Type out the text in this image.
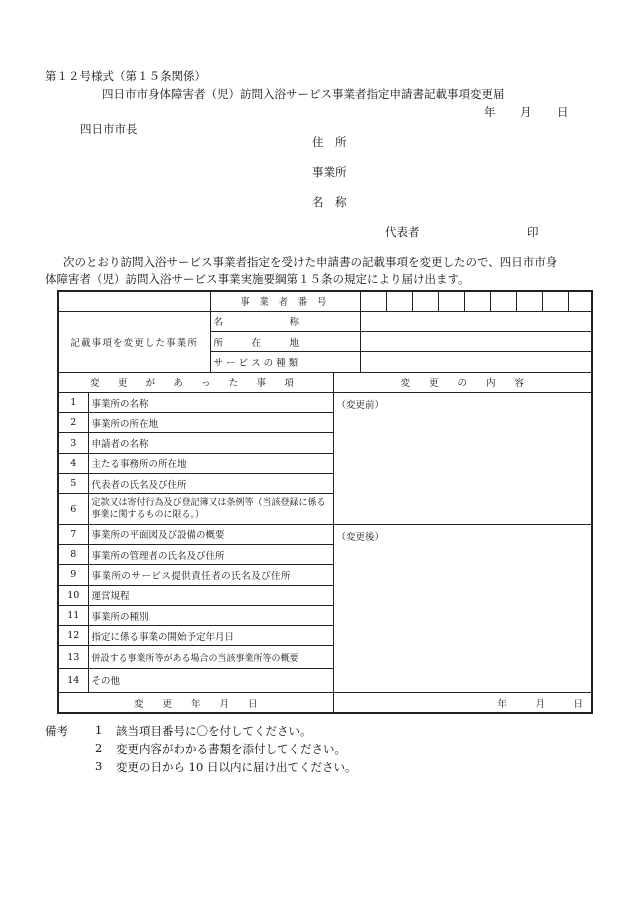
第１２号様式（第１５条関係）
四日市市身体障害者（児）訪問入浴サービス事業者指定申請書記載事項変更届
年 月 日
四日市市長
住　所
事業所
名　称
代表者	印
次のとおり訪問入浴サービス事業者指定を受けた申請書の記載事項を変更したので、四日市市身
体障害者（児）訪問入浴サービス事業実施要綱第１５条の規定により届け出ます。
		事 業 者 番 号										
記載事項を変更した事業所		名　　　　　　　称										
		所　　　在　　　地										
		サ ー ビ ス の 種 類										
変 更 が あ っ た 事 項			変　　更　　の　　内　　容									
1	事業所の名称		（変更前）									
2	事業所の所在地											
3	申請者の名称											
4	主たる事務所の所在地											
5	代表者の氏名及び住所											
6	定款又は寄付行為及び登記簿又は条例等（当該登録に係る事業に関するものに限る。）											
7	事業所の平面図及び設備の概要		（変更後）									
8	事業所の管理者の氏名及び住所											
9	事業所のサービス提供責任者の氏名及び住所											
10	運営規程											
11	事業所の種別											
12	指定に係る事業の開始予定年月日											
13	併設する事業所等がある場合の当該事業所等の概要											
14	その他											
変　　更　　年　　月　　日			年　　　月　　　日									
備考 1 該当項目番号に〇を付してください。
2 変更内容がわかる書類を添付してください。
3 変更の日から 10 日以内に届け出てください。
